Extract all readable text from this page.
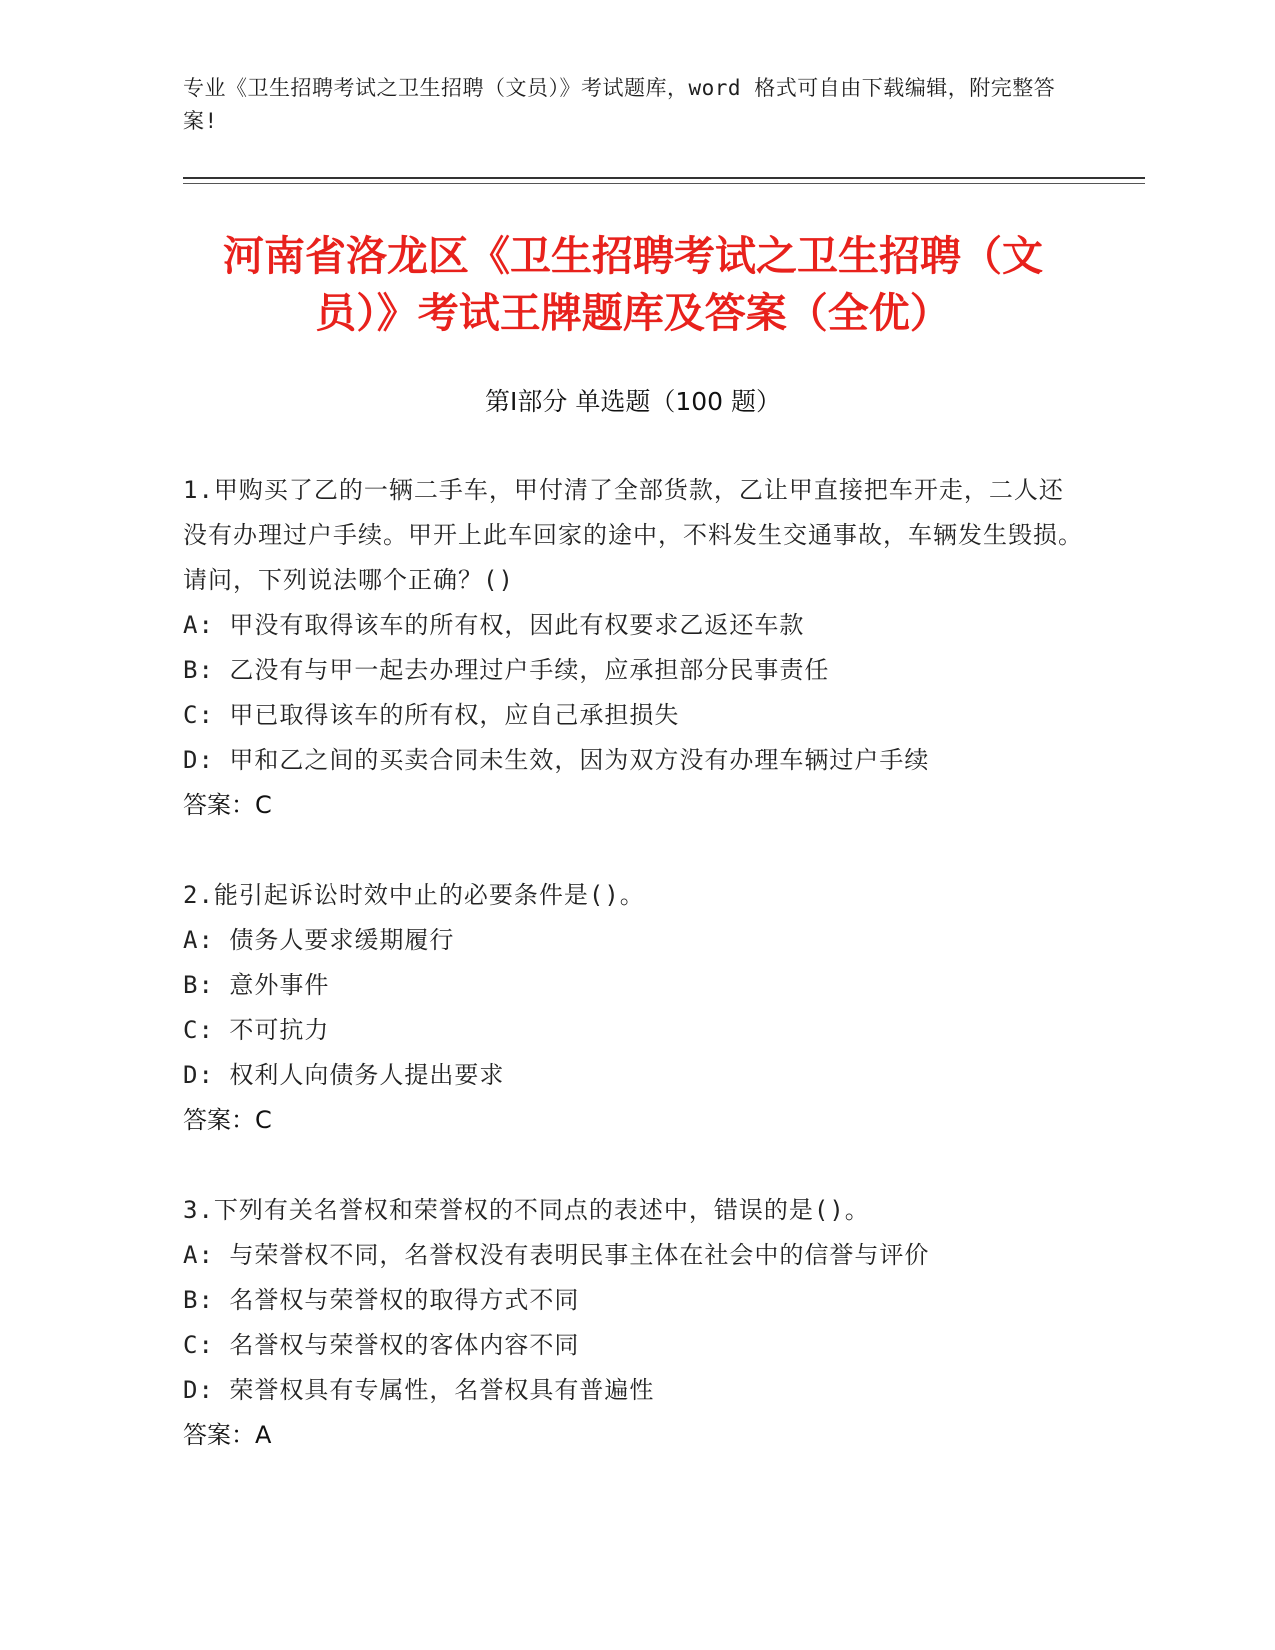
专业《卫生招聘考试之卫生招聘（文员）》考试题库，word 格式可自由下载编辑，附完整答案!
河南省洛龙区《卫生招聘考试之卫生招聘（文员）》考试王牌题库及答案（全优）
第I部分 单选题（100 题）
1.甲购买了乙的一辆二手车，甲付清了全部货款，乙让甲直接把车开走，二人还没有办理过户手续。甲开上此车回家的途中，不料发生交通事故，车辆发生毁损。请问，下列说法哪个正确？()
A: 甲没有取得该车的所有权，因此有权要求乙返还车款
B: 乙没有与甲一起去办理过户手续，应承担部分民事责任
C: 甲已取得该车的所有权，应自己承担损失
D: 甲和乙之间的买卖合同未生效，因为双方没有办理车辆过户手续
答案：C
2.能引起诉讼时效中止的必要条件是()。
A: 债务人要求缓期履行
B: 意外事件
C: 不可抗力
D: 权利人向债务人提出要求
答案：C
3.下列有关名誉权和荣誉权的不同点的表述中，错误的是()。
A: 与荣誉权不同，名誉权没有表明民事主体在社会中的信誉与评价
B: 名誉权与荣誉权的取得方式不同
C: 名誉权与荣誉权的客体内容不同
D: 荣誉权具有专属性，名誉权具有普遍性
答案：A
